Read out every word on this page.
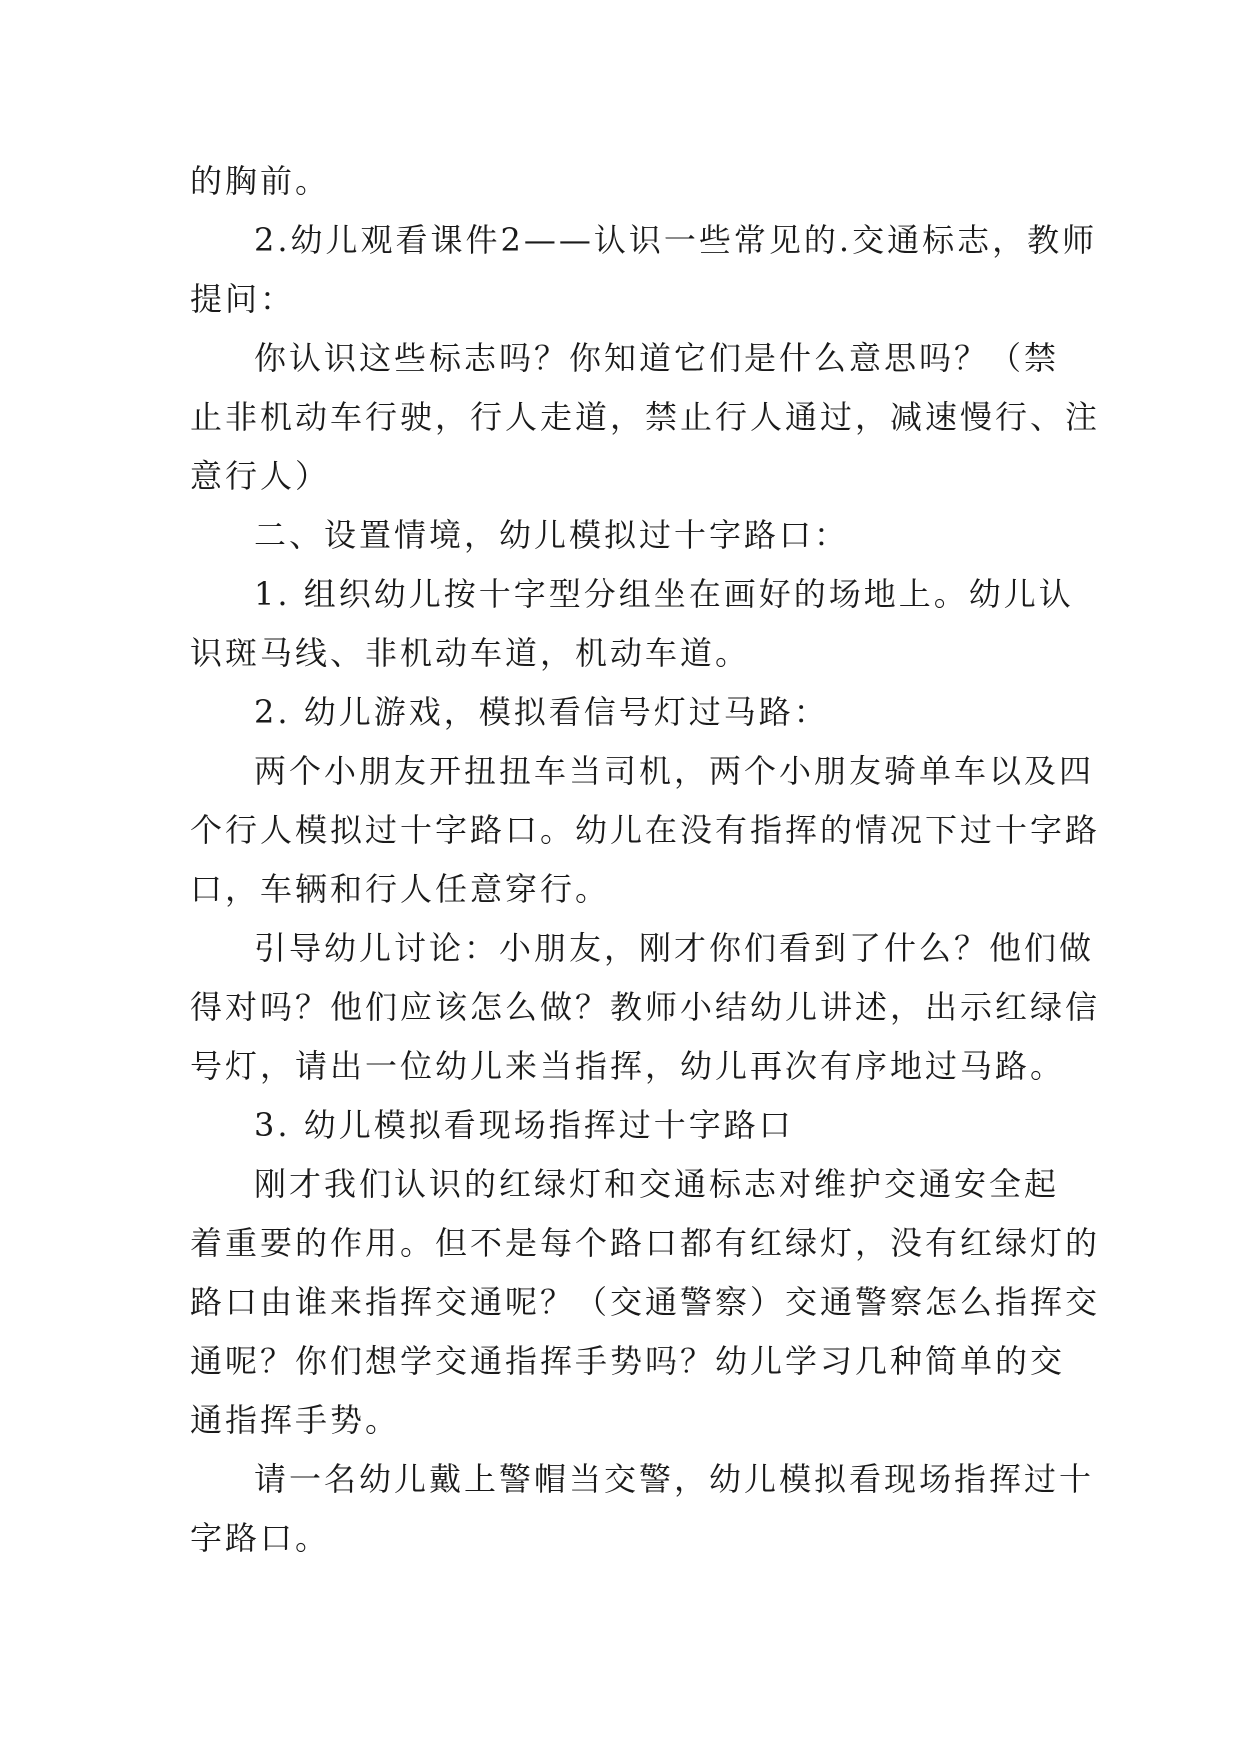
的胸前。

2.幼儿观看课件2——认识一些常见的.交通标志，教师
提问：

你认识这些标志吗？你知道它们是什么意思吗？（禁
止非机动车行驶，行人走道，禁止行人通过，减速慢行、注
意行人）

二、设置情境，幼儿模拟过十字路口：

1. 组织幼儿按十字型分组坐在画好的场地上。幼儿认
识斑马线、非机动车道，机动车道。

2. 幼儿游戏，模拟看信号灯过马路：

两个小朋友开扭扭车当司机，两个小朋友骑单车以及四
个行人模拟过十字路口。幼儿在没有指挥的情况下过十字路
口，车辆和行人任意穿行。

引导幼儿讨论：小朋友，刚才你们看到了什么？他们做
得对吗？他们应该怎么做？教师小结幼儿讲述，出示红绿信
号灯，请出一位幼儿来当指挥，幼儿再次有序地过马路。

3. 幼儿模拟看现场指挥过十字路口

刚才我们认识的红绿灯和交通标志对维护交通安全起
着重要的作用。但不是每个路口都有红绿灯，没有红绿灯的
路口由谁来指挥交通呢？（交通警察）交通警察怎么指挥交
通呢？你们想学交通指挥手势吗？幼儿学习几种简单的交
通指挥手势。

请一名幼儿戴上警帽当交警，幼儿模拟看现场指挥过十
字路口。
